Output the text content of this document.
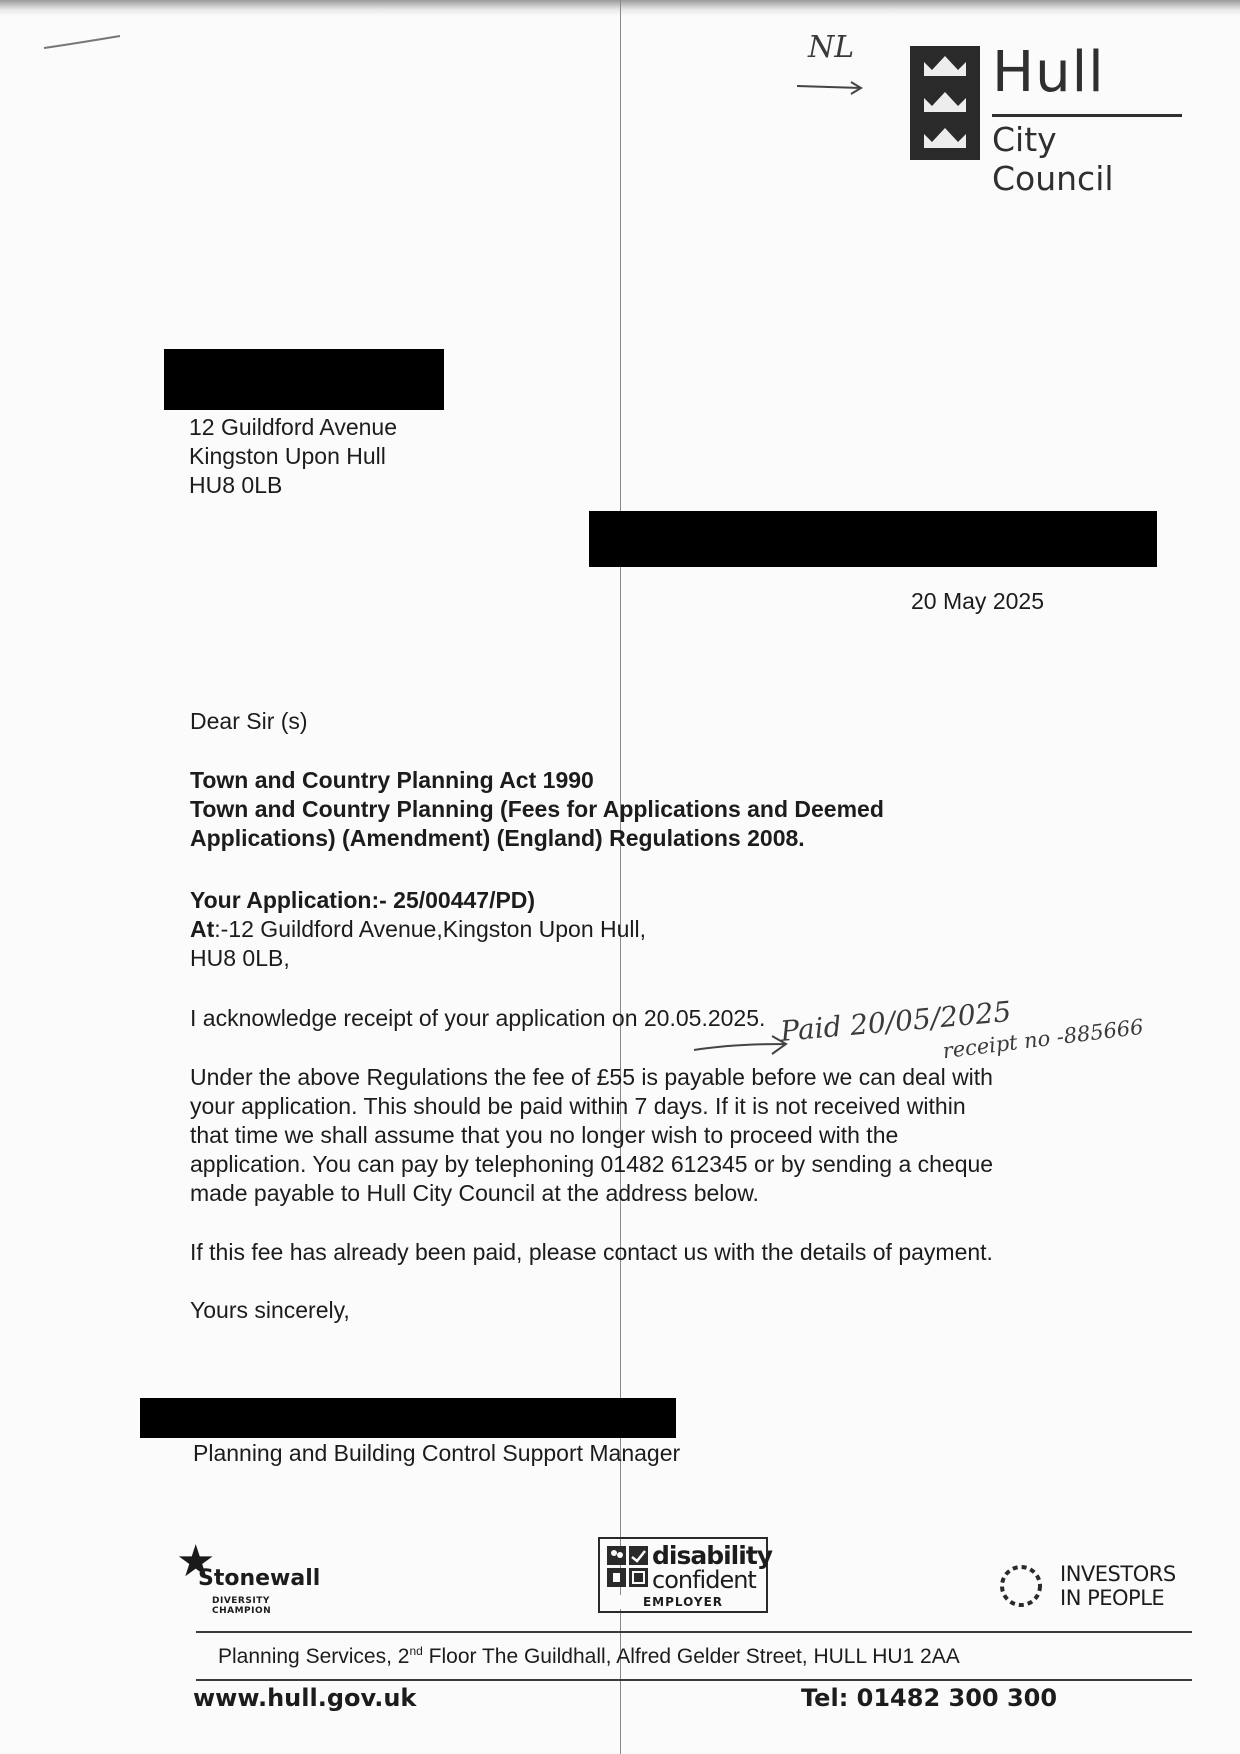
NL Hull
City Council
12 Guildford Avenue
Kingston Upon Hull
HU8 0LB
20 May 2025
Dear Sir (s)
Town and Country Planning Act 1990
Town and Country Planning (Fees for Applications and Deemed
Applications) (Amendment) (England) Regulations 2008.
Your Application:- 25/00447/PD)
At:-12 Guildford Avenue,Kingston Upon Hull,
HU8 0LB,
I acknowledge receipt of your application on 20.05.2025. Paid 20/05/2025
receipt no -885666
Under the above Regulations the fee of £55 is payable before we can deal with
your application. This should be paid within 7 days. If it is not received within
that time we shall assume that you no longer wish to proceed with the
application. You can pay by telephoning 01482 612345 or by sending a cheque
made payable to Hull City Council at the address below.
If this fee has already been paid, please contact us with the details of payment.
Yours sincerely,
Planning and Building Control Support Manager
★
Stonewall
DIVERSITY CHAMPION
disability
confident
EMPLOYER
INVESTORS
IN PEOPLE
Planning Services, 2nd Floor The Guildhall, Alfred Gelder Street, HULL HU1 2AA
www.hull.gov.uk	Tel: 01482 300 300
